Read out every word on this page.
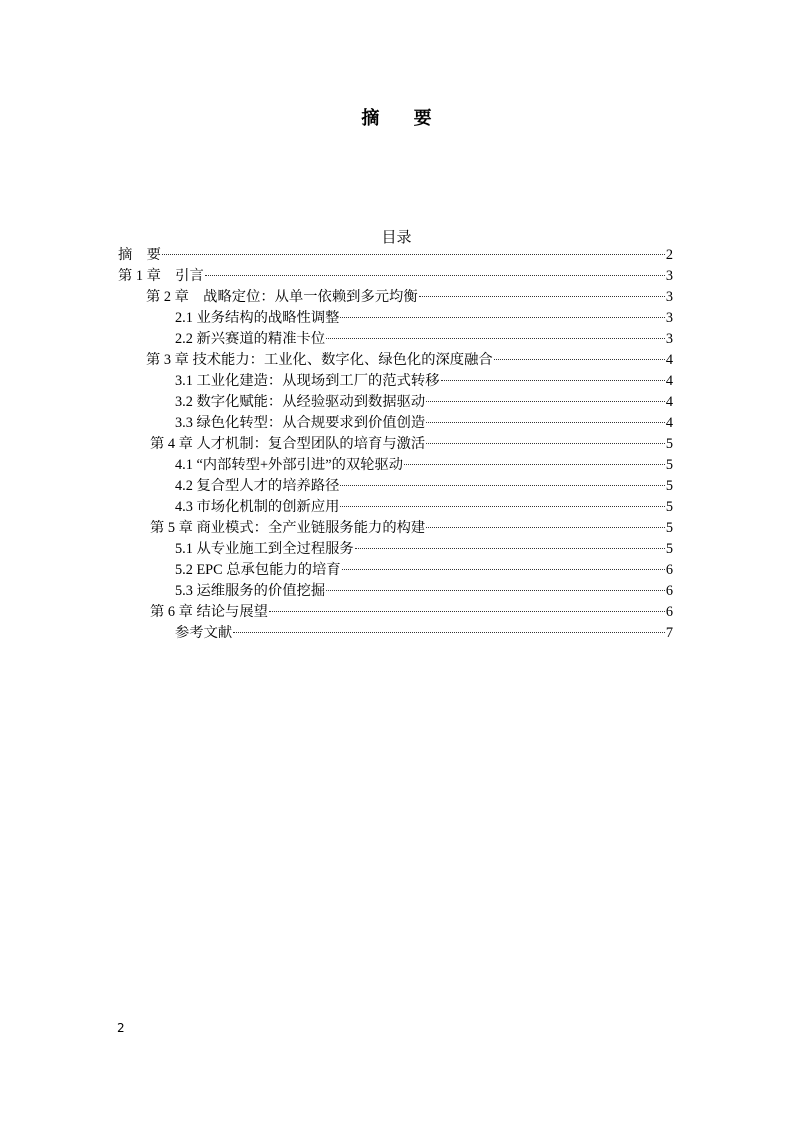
摘 要
目录
摘　要	2
第 1 章　引言	3
第 2 章　战略定位：从单一依赖到多元均衡	3
2.1 业务结构的战略性调整	3
2.2 新兴赛道的精准卡位	3
第 3 章 技术能力：工业化、数字化、绿色化的深度融合	4
3.1 工业化建造：从现场到工厂的范式转移	4
3.2 数字化赋能：从经验驱动到数据驱动	4
3.3 绿色化转型：从合规要求到价值创造	4
第 4 章 人才机制：复合型团队的培育与激活	5
4.1 “内部转型+外部引进”的双轮驱动	5
4.2 复合型人才的培养路径	5
4.3 市场化机制的创新应用	5
第 5 章 商业模式：全产业链服务能力的构建	5
5.1 从专业施工到全过程服务	5
5.2 EPC 总承包能力的培育	6
5.3 运维服务的价值挖掘	6
第 6 章 结论与展望	6
参考文献	7
2
